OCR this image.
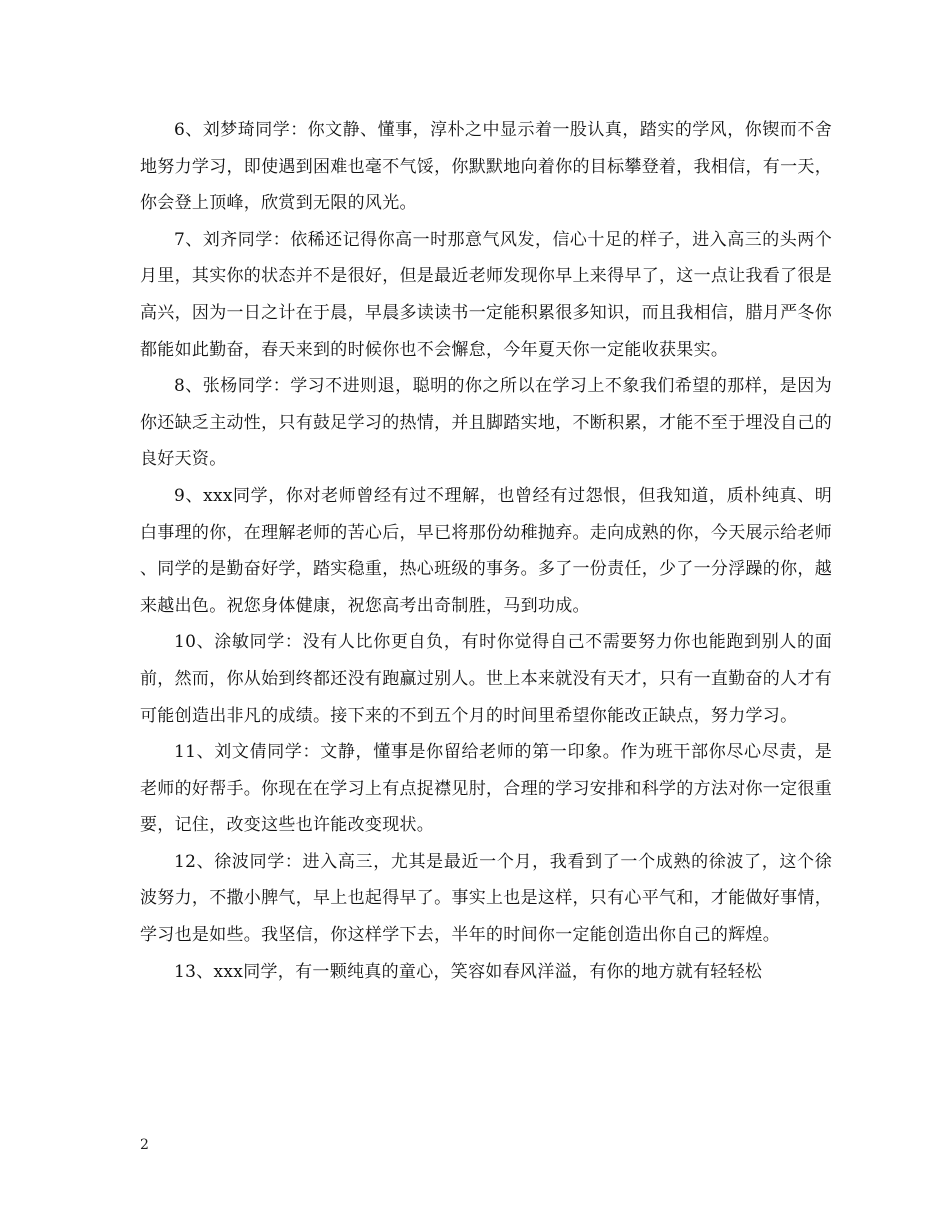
6、刘梦琦同学：你文静、懂事，淳朴之中显示着一股认真，踏实的学风，你锲而不舍地努力学习，即使遇到困难也毫不气馁，你默默地向着你的目标攀登着，我相信，有一天，你会登上顶峰，欣赏到无限的风光。

7、刘齐同学：依稀还记得你高一时那意气风发，信心十足的样子，进入高三的头两个月里，其实你的状态并不是很好，但是最近老师发现你早上来得早了，这一点让我看了很是高兴，因为一日之计在于晨，早晨多读读书一定能积累很多知识，而且我相信，腊月严冬你都能如此勤奋，春天来到的时候你也不会懈怠，今年夏天你一定能收获果实。

8、张杨同学：学习不进则退，聪明的你之所以在学习上不象我们希望的那样，是因为你还缺乏主动性，只有鼓足学习的热情，并且脚踏实地，不断积累，才能不至于埋没自己的良好天资。

9、xxx同学，你对老师曾经有过不理解，也曾经有过怨恨，但我知道，质朴纯真、明白事理的你，在理解老师的苦心后，早已将那份幼稚抛弃。走向成熟的你，今天展示给老师、同学的是勤奋好学，踏实稳重，热心班级的事务。多了一份责任，少了一分浮躁的你，越来越出色。祝您身体健康，祝您高考出奇制胜，马到功成。

10、涂敏同学：没有人比你更自负，有时你觉得自己不需要努力你也能跑到别人的面前，然而，你从始到终都还没有跑赢过别人。世上本来就没有天才，只有一直勤奋的人才有可能创造出非凡的成绩。接下来的不到五个月的时间里希望你能改正缺点，努力学习。

11、刘文倩同学：文静，懂事是你留给老师的第一印象。作为班干部你尽心尽责，是老师的好帮手。你现在在学习上有点捉襟见肘，合理的学习安排和科学的方法对你一定很重要，记住，改变这些也许能改变现状。

12、徐波同学：进入高三，尤其是最近一个月，我看到了一个成熟的徐波了，这个徐波努力，不撒小脾气，早上也起得早了。事实上也是这样，只有心平气和，才能做好事情，学习也是如些。我坚信，你这样学下去，半年的时间你一定能创造出你自己的辉煌。

13、xxx同学，有一颗纯真的童心，笑容如春风洋溢，有你的地方就有轻轻松

2
